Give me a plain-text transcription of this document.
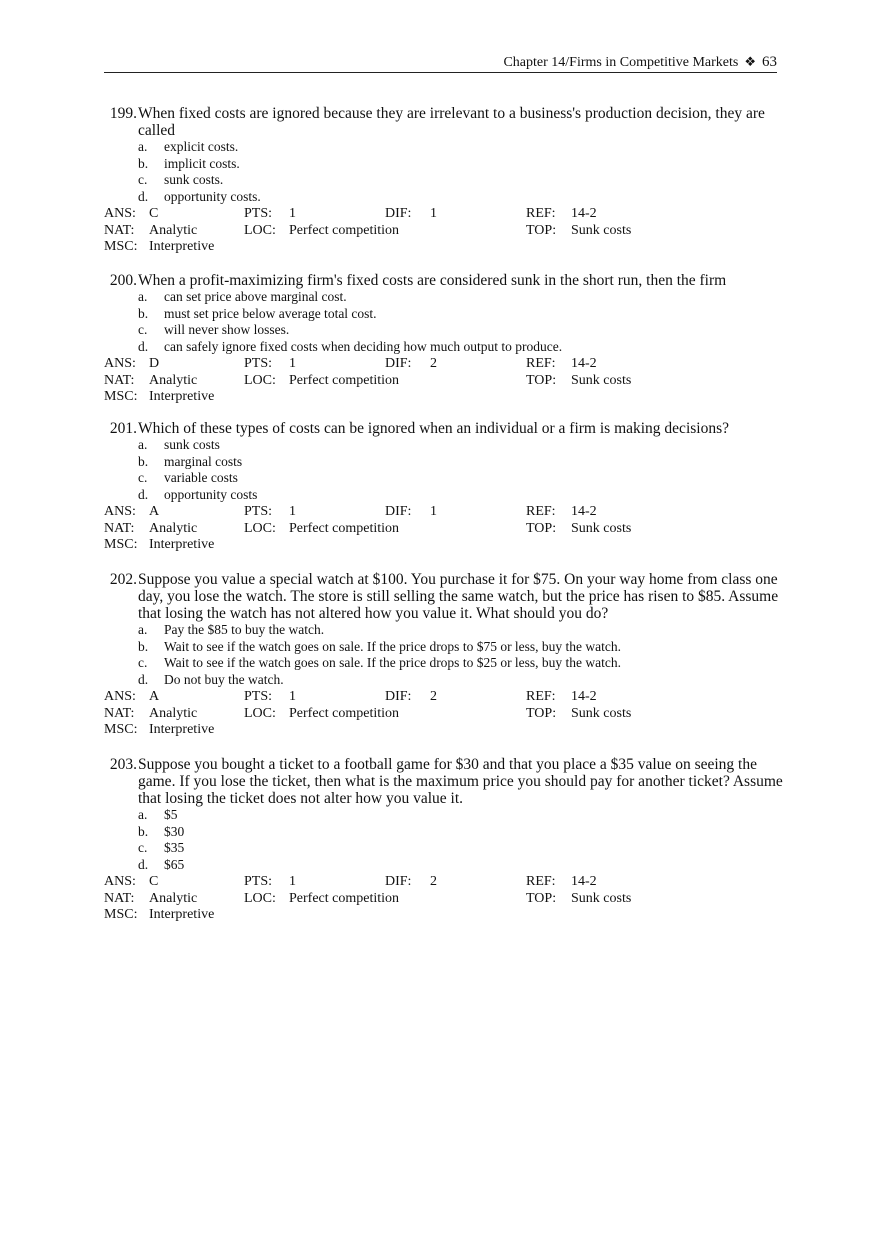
Chapter 14/Firms in Competitive Markets ❖ 63
199. When fixed costs are ignored because they are irrelevant to a business's production decision, they are called
a. explicit costs.
b. implicit costs.
c. sunk costs.
d. opportunity costs.
ANS: C	PTS: 1	DIF: 1	REF: 14-2
NAT: Analytic	LOC: Perfect competition	TOP: Sunk costs
MSC: Interpretive
200. When a profit-maximizing firm's fixed costs are considered sunk in the short run, then the firm
a. can set price above marginal cost.
b. must set price below average total cost.
c. will never show losses.
d. can safely ignore fixed costs when deciding how much output to produce.
ANS: D	PTS: 1	DIF: 2	REF: 14-2
NAT: Analytic	LOC: Perfect competition	TOP: Sunk costs
MSC: Interpretive
201. Which of these types of costs can be ignored when an individual or a firm is making decisions?
a. sunk costs
b. marginal costs
c. variable costs
d. opportunity costs
ANS: A	PTS: 1	DIF: 1	REF: 14-2
NAT: Analytic	LOC: Perfect competition	TOP: Sunk costs
MSC: Interpretive
202. Suppose you value a special watch at $100. You purchase it for $75. On your way home from class one day, you lose the watch. The store is still selling the same watch, but the price has risen to $85. Assume that losing the watch has not altered how you value it. What should you do?
a. Pay the $85 to buy the watch.
b. Wait to see if the watch goes on sale. If the price drops to $75 or less, buy the watch.
c. Wait to see if the watch goes on sale. If the price drops to $25 or less, buy the watch.
d. Do not buy the watch.
ANS: A	PTS: 1	DIF: 2	REF: 14-2
NAT: Analytic	LOC: Perfect competition	TOP: Sunk costs
MSC: Interpretive
203. Suppose you bought a ticket to a football game for $30 and that you place a $35 value on seeing the game. If you lose the ticket, then what is the maximum price you should pay for another ticket? Assume that losing the ticket does not alter how you value it.
a. $5
b. $30
c. $35
d. $65
ANS: C	PTS: 1	DIF: 2	REF: 14-2
NAT: Analytic	LOC: Perfect competition	TOP: Sunk costs
MSC: Interpretive
